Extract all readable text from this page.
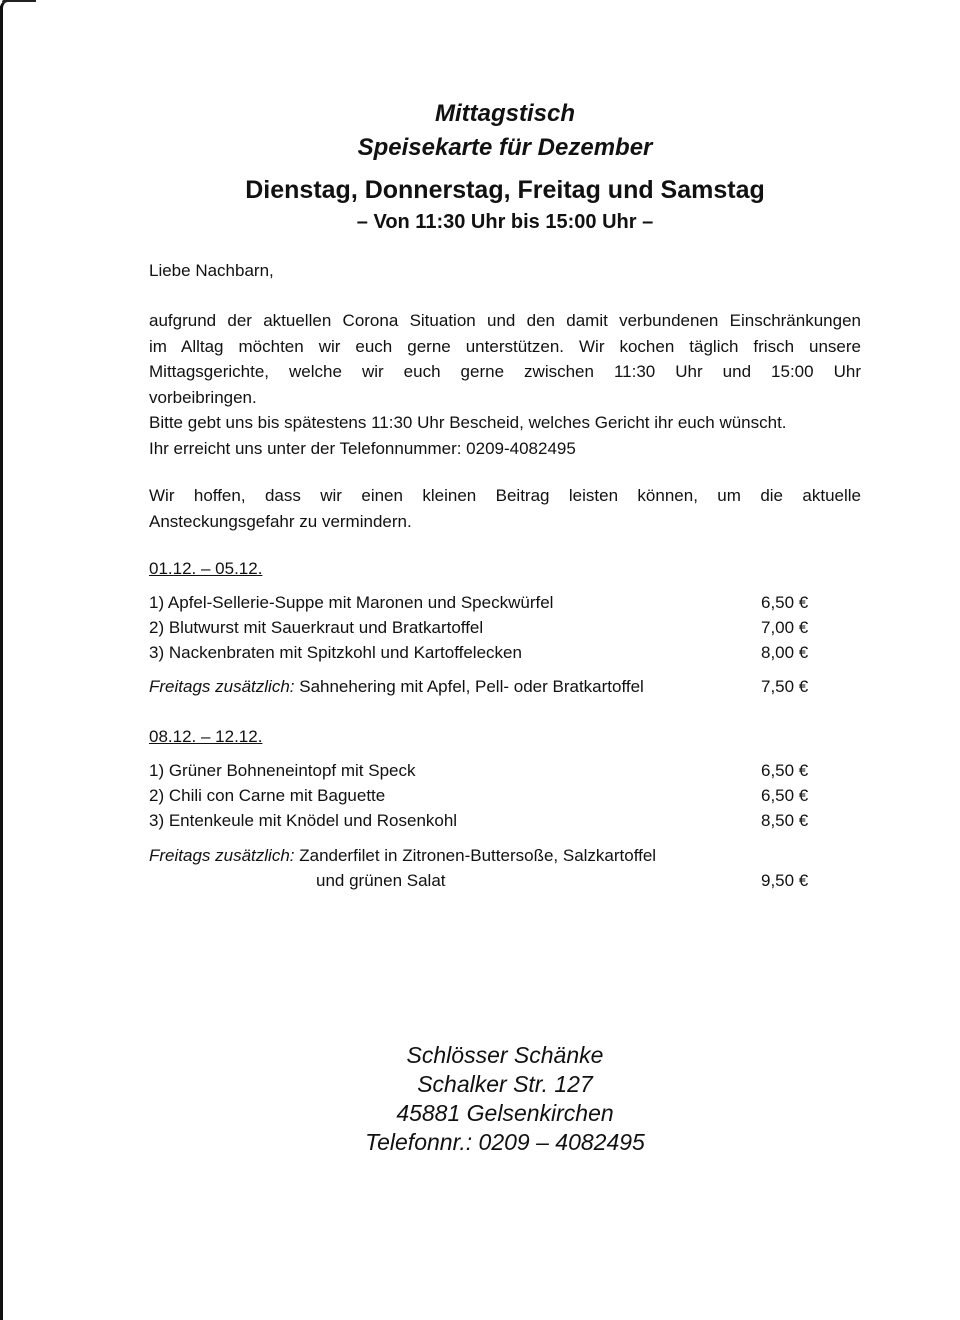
Mittagstisch
Speisekarte für Dezember
Dienstag, Donnerstag, Freitag und Samstag
– Von 11:30 Uhr bis 15:00 Uhr –
Liebe Nachbarn,
aufgrund der aktuellen Corona Situation und den damit verbundenen Einschränkungen
im Alltag möchten wir euch gerne unterstützen. Wir kochen täglich frisch unsere
Mittagsgerichte, welche wir euch gerne zwischen 11:30 Uhr und 15:00 Uhr
vorbeibringen.
Bitte gebt uns bis spätestens 11:30 Uhr Bescheid, welches Gericht ihr euch wünscht.
Ihr erreicht uns unter der Telefonnummer: 0209-4082495
Wir hoffen, dass wir einen kleinen Beitrag leisten können, um die aktuelle
Ansteckungsgefahr zu vermindern.
01.12. – 05.12.
1) Apfel-Sellerie-Suppe mit Maronen und Speckwürfel	6,50 €
2) Blutwurst mit Sauerkraut und Bratkartoffel	7,00 €
3) Nackenbraten mit Spitzkohl und Kartoffelecken	8,00 €
Freitags zusätzlich: Sahnehering mit Apfel, Pell- oder Bratkartoffel	7,50 €
08.12. – 12.12.
1) Grüner Bohneneintopf mit Speck	6,50 €
2) Chili con Carne mit Baguette	6,50 €
3) Entenkeule mit Knödel und Rosenkohl	8,50 €
Freitags zusätzlich: Zanderfilet in Zitronen-Buttersoße, Salzkartoffel
und grünen Salat	9,50 €
Schlösser Schänke
Schalker Str. 127
45881 Gelsenkirchen
Telefonnr.: 0209 – 4082495
